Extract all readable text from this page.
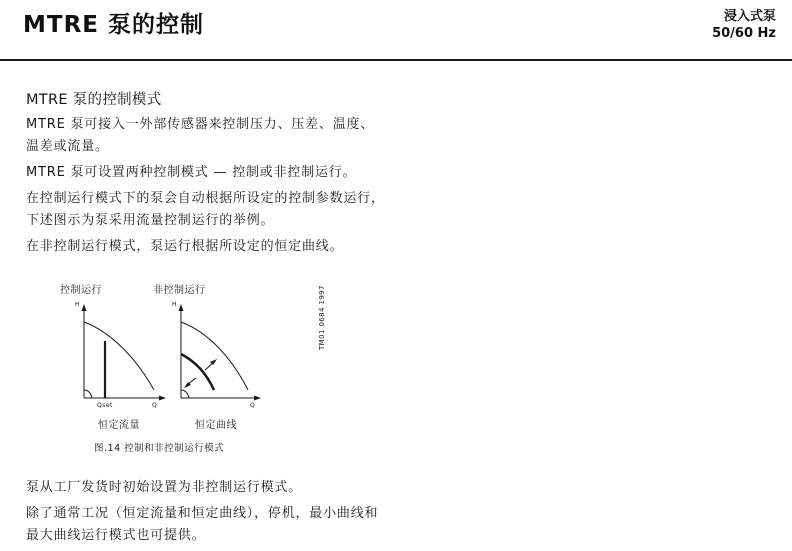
MTRE 泵的控制	浸入式泵
50/60 Hz
MTRE 泵的控制模式
MTRE 泵可接入一外部传感器来控制压力、压差、温度、温差或流量。
MTRE 泵可设置两种控制模式 — 控制或非控制运行。
在控制运行模式下的泵会自动根据所设定的控制参数运行，下述图示为泵采用流量控制运行的举例。
在非控制运行模式，泵运行根据所设定的恒定曲线。
控制运行	非控制运行
H	H
Q	Q
Qset
恒定流量	恒定曲线
图.14 控制和非控制运行模式
TM01 0684 1997
泵从工厂发货时初始设置为非控制运行模式。
除了通常工况（恒定流量和恒定曲线），停机，最小曲线和最大曲线运行模式也可提供。
